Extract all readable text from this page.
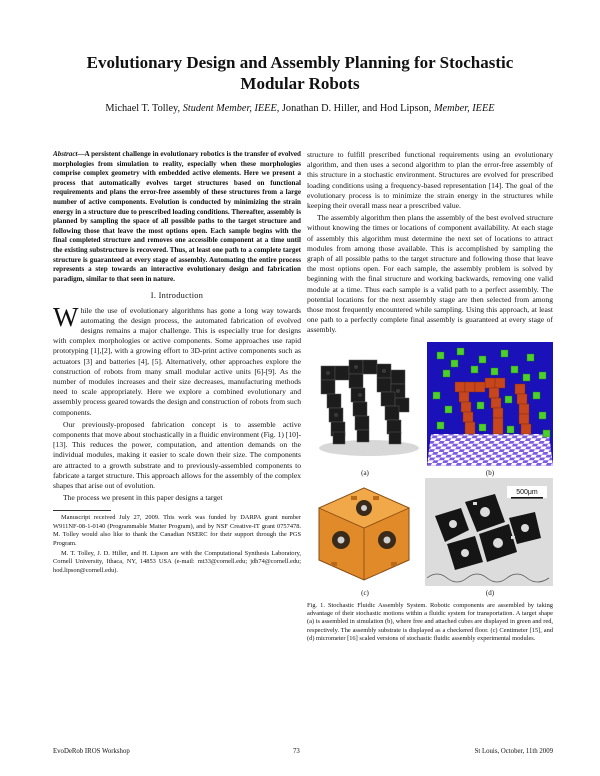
Evolutionary Design and Assembly Planning for Stochastic
Modular Robots
Michael T. Tolley, Student Member, IEEE, Jonathan D. Hiller, and Hod Lipson, Member, IEEE
Abstract—A persistent challenge in evolutionary robotics is the transfer of evolved morphologies from simulation to reality, especially when these morphologies comprise complex geometry with embedded active elements. Here we present a process that automatically evolves target structures based on functional requirements and plans the error-free assembly of these structures from a large number of active components. Evolution is conducted by minimizing the strain energy in a structure due to prescribed loading conditions. Thereafter, assembly is planned by sampling the space of all possible paths to the target structure and following those that leave the most options open. Each sample begins with the final completed structure and removes one accessible component at a time until the existing substructure is recovered. Thus, at least one path to a complete target structure is guaranteed at every stage of assembly. Automating the entire process represents a step towards an interactive evolutionary design and fabrication paradigm, similar to that seen in nature.
I. Introduction

While the use of evolutionary algorithms has gone a long way towards automating the design process, the automated fabrication of evolved designs remains a major challenge. This is especially true for designs with complex morphologies or active components. Some approaches use rapid prototyping [1],[2], with a growing effort to 3D-print active components such as actuators [3] and batteries [4], [5]. Alternatively, other approaches explore the construction of robots from many small modular active units [6]-[9]. As the number of modules increases and their size decreases, manufacturing methods need to scale appropriately. Here we explore a combined evolutionary and assembly process geared towards the design and construction of robots from such components.

Our previously-proposed fabrication concept is to assemble active components that move about stochastically in a fluidic environment (Fig. 1) [10]-[13]. This reduces the power, computation, and attention demands on the individual modules, making it easier to scale down their size. The components are attracted to a growth substrate and to previously-assembled components to fabricate a target structure. This approach allows for the assembly of the complex shapes that arise out of evolution.

The process we present in this paper designs a target

Manuscript received July 27, 2009. This work was funded by DARPA grant number W911NF-08-1-0140 (Programmable Matter Program), and by NSF Creative-IT grant 0757478. M. Tolley would also like to thank the Canadian NSERC for their support through the PGS Program.

M. T. Tolley, J. D. Hiller, and H. Lipson are with the Computational Synthesis Laboratory, Cornell University, Ithaca, NY, 14853 USA (e-mail: mt33@cornell.edu; jdh74@cornell.edu; hod.lipson@cornell.edu).

structure to fulfill prescribed functional requirements using an evolutionary algorithm, and then uses a second algorithm to plan the error-free assembly of this structure in a stochastic environment. Structures are evolved for prescribed loading conditions using a frequency-based representation [14]. The goal of the evolutionary process is to minimize the strain energy in the structures while keeping their overall mass near a prescribed value.

The assembly algorithm then plans the assembly of the best evolved structure without knowing the times or locations of component availability. At each stage of assembly this algorithm must determine the next set of locations to attract modules from among those available. This is accomplished by sampling the graph of all possible paths to the target structure and following those that leave the most options open. For each sample, the assembly problem is solved by beginning with the final structure and working backwards, removing one valid module at a time. Thus each sample is a valid path to a perfect assembly. The potential locations for the next assembly stage are then selected from among those most frequently encountered while sampling. Using this approach, at least one path to a perfectly complete final assembly is guaranteed at every stage of assembly.

(a)	(b)
(c)
500μm
(d)

Fig. 1. Stochastic Fluidic Assembly System. Robotic components are assembled by taking advantage of their stochastic motions within a fluidic system for transportation. A target shape (a) is assembled in simulation (b), where free and attached cubes are displayed in green and red, respectively. The assembly substrate is displayed as a checkered floor. (c) Centimeter [15], and (d) micrometer [16] scaled versions of stochastic fluidic assembly experimental modules.

EvoDeRob IROS Workshop	73	St Louis, October, 11th 2009
